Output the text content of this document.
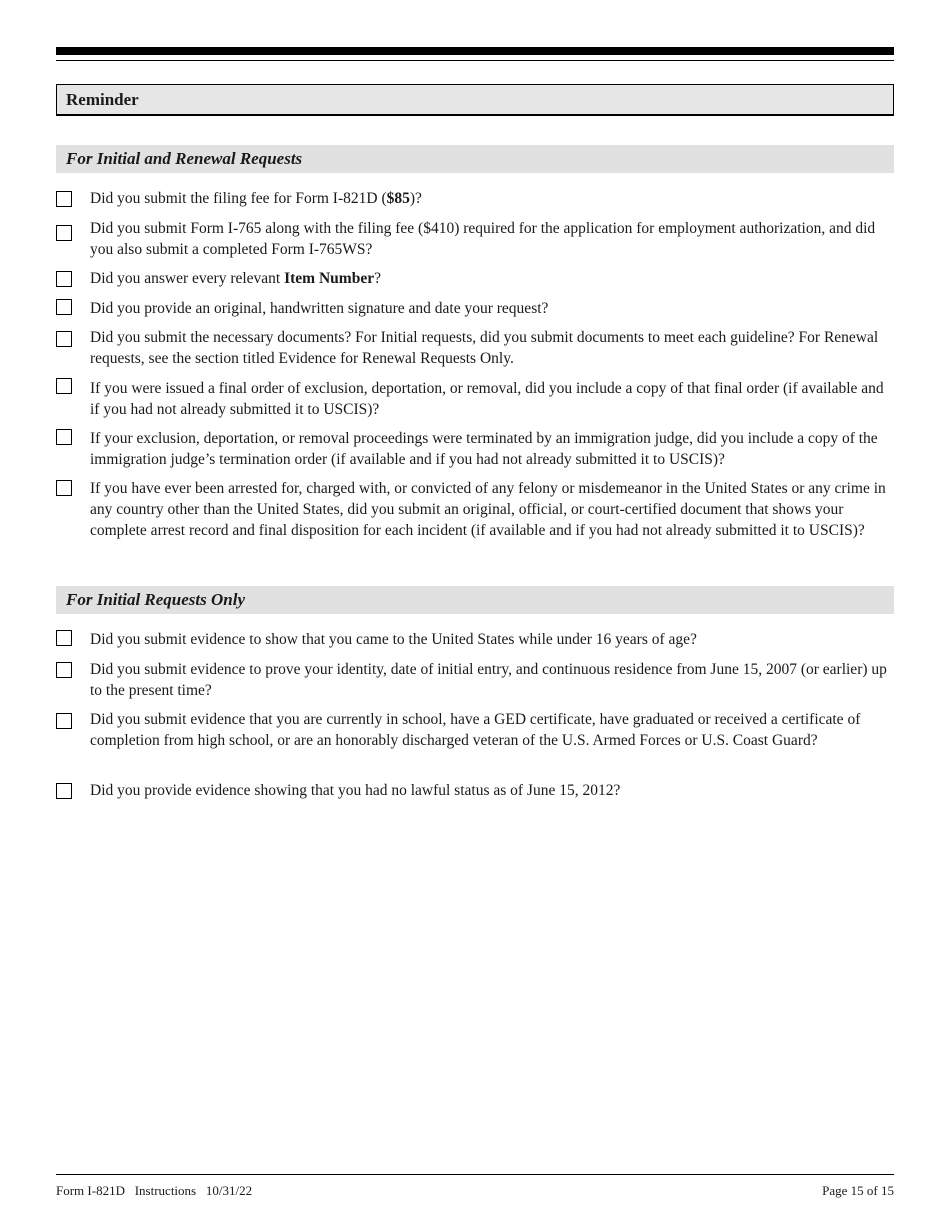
Reminder
For Initial and Renewal Requests
Did you submit the filing fee for Form I-821D ($85)?
Did you submit Form I-765 along with the filing fee ($410) required for the application for employment authorization, and did you also submit a completed Form I-765WS?
Did you answer every relevant Item Number?
Did you provide an original, handwritten signature and date your request?
Did you submit the necessary documents? For Initial requests, did you submit documents to meet each guideline? For Renewal requests, see the section titled Evidence for Renewal Requests Only.
If you were issued a final order of exclusion, deportation, or removal, did you include a copy of that final order (if available and if you had not already submitted it to USCIS)?
If your exclusion, deportation, or removal proceedings were terminated by an immigration judge, did you include a copy of the immigration judge’s termination order (if available and if you had not already submitted it to USCIS)?
If you have ever been arrested for, charged with, or convicted of any felony or misdemeanor in the United States or any crime in any country other than the United States, did you submit an original, official, or court-certified document that shows your complete arrest record and final disposition for each incident (if available and if you had not already submitted it to USCIS)?
For Initial Requests Only
Did you submit evidence to show that you came to the United States while under 16 years of age?
Did you submit evidence to prove your identity, date of initial entry, and continuous residence from June 15, 2007 (or earlier) up to the present time?
Did you submit evidence that you are currently in school, have a GED certificate, have graduated or received a certificate of completion from high school, or are an honorably discharged veteran of the U.S. Armed Forces or U.S. Coast Guard?
Did you provide evidence showing that you had no lawful status as of June 15, 2012?
Form I-821D   Instructions   10/31/22	Page 15 of 15
